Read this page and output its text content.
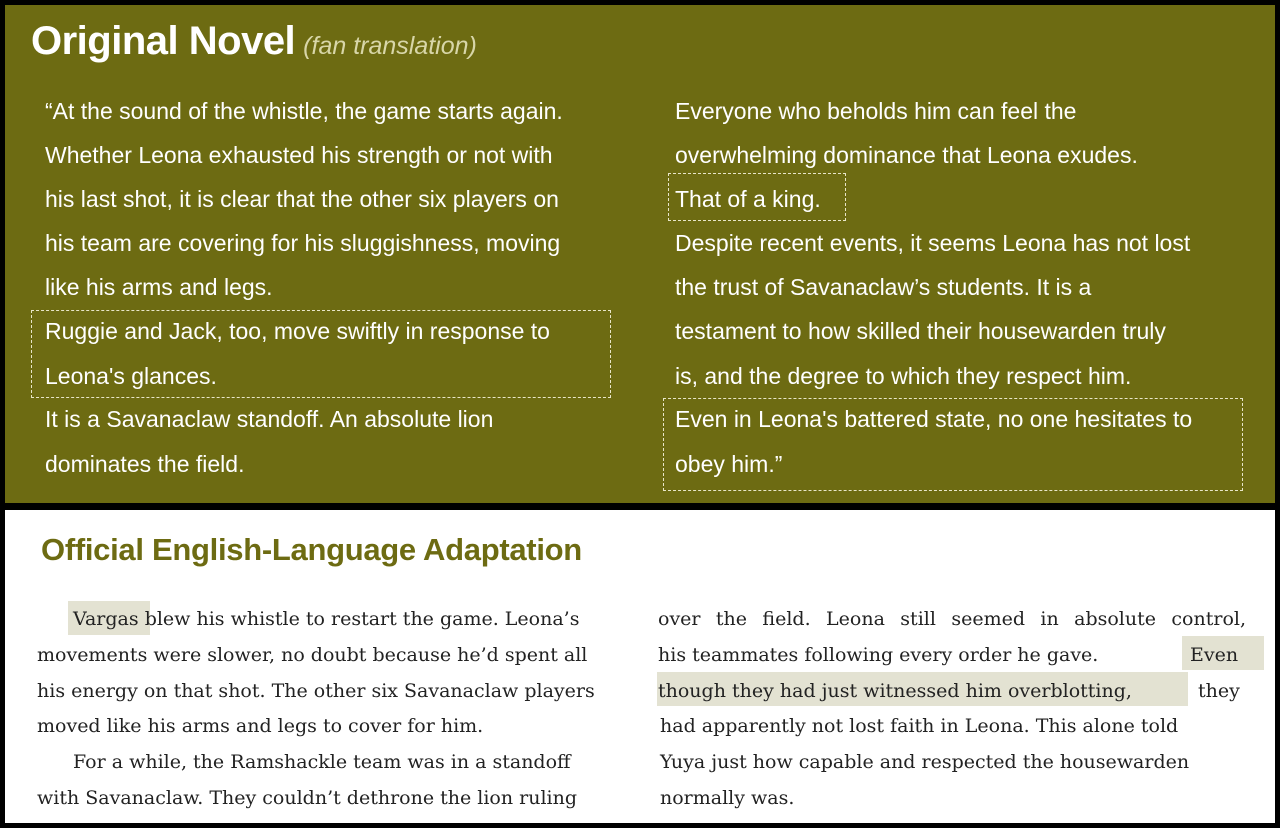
Original Novel (fan translation)
“At the sound of the whistle, the game starts again.
Whether Leona exhausted his strength or not with
his last shot, it is clear that the other six players on
his team are covering for his sluggishness, moving
like his arms and legs.
Ruggie and Jack, too, move swiftly in response to
Leona's glances.
It is a Savanaclaw standoff. An absolute lion
dominates the field.
Everyone who beholds him can feel the
overwhelming dominance that Leona exudes.
That of a king.
Despite recent events, it seems Leona has not lost
the trust of Savanaclaw’s students. It is a
testament to how skilled their housewarden truly
is, and the degree to which they respect him.
Even in Leona's battered state, no one hesitates to
obey him.”
Official English-Language Adaptation
Vargas blew his whistle to restart the game. Leona’s
movements were slower, no doubt because he’d spent all
his energy on that shot. The other six Savanaclaw players
moved like his arms and legs to cover for him.
For a while, the Ramshackle team was in a standoff
with Savanaclaw. They couldn’t dethrone the lion ruling
over the field. Leona still seemed in absolute control,
his teammates following every order he gave.	Even
though they had just witnessed him overblotting,	they
had apparently not lost faith in Leona. This alone told
Yuya just how capable and respected the housewarden
normally was.
